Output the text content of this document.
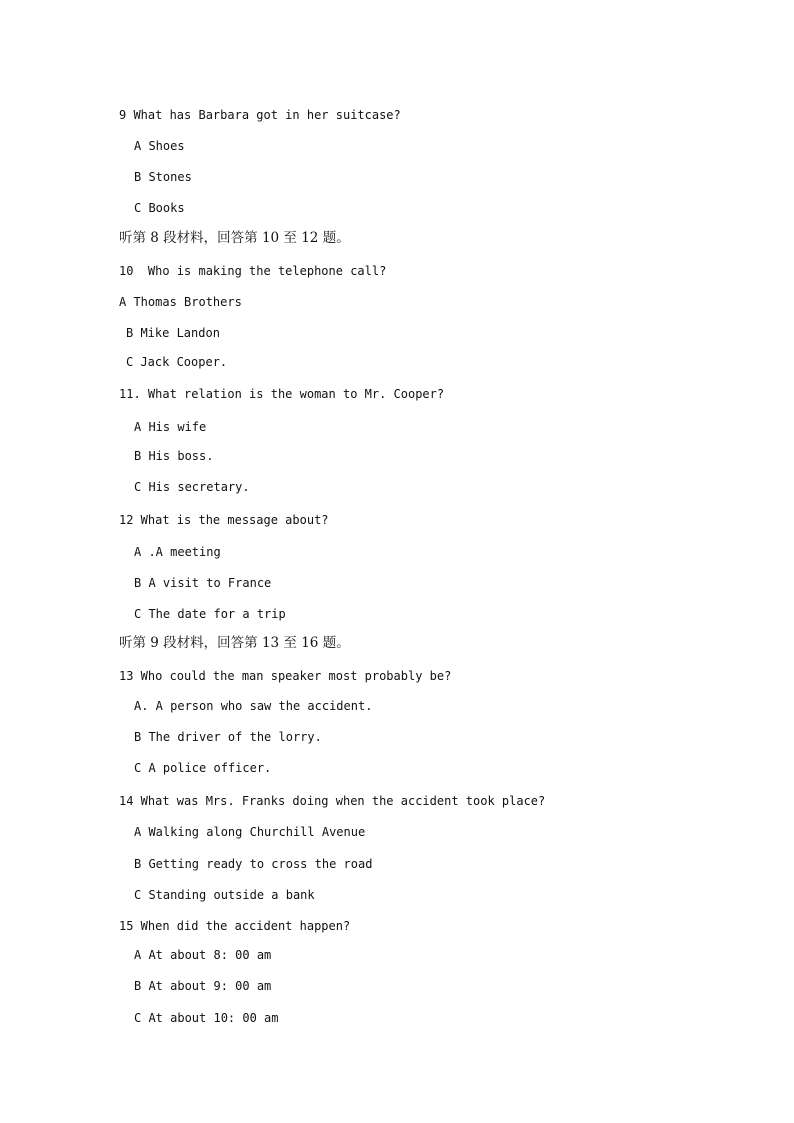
9 What has Barbara got in her suitcase?
A Shoes
B Stones
C Books
听第 8 段材料，回答第 10 至 12 题。
10  Who is making the telephone call?
A Thomas Brothers
B Mike Landon
C Jack Cooper.
11. What relation is the woman to Mr. Cooper?
A His wife
B His boss.
C His secretary.
12 What is the message about?
A .A meeting
B A visit to France
C The date for a trip
听第 9 段材料，回答第 13 至 16 题。
13 Who could the man speaker most probably be?
A. A person who saw the accident.
B The driver of the lorry.
C A police officer.
14 What was Mrs. Franks doing when the accident took place?
A Walking along Churchill Avenue
B Getting ready to cross the road
C Standing outside a bank
15 When did the accident happen?
A At about 8: 00 am
B At about 9: 00 am
C At about 10: 00 am
